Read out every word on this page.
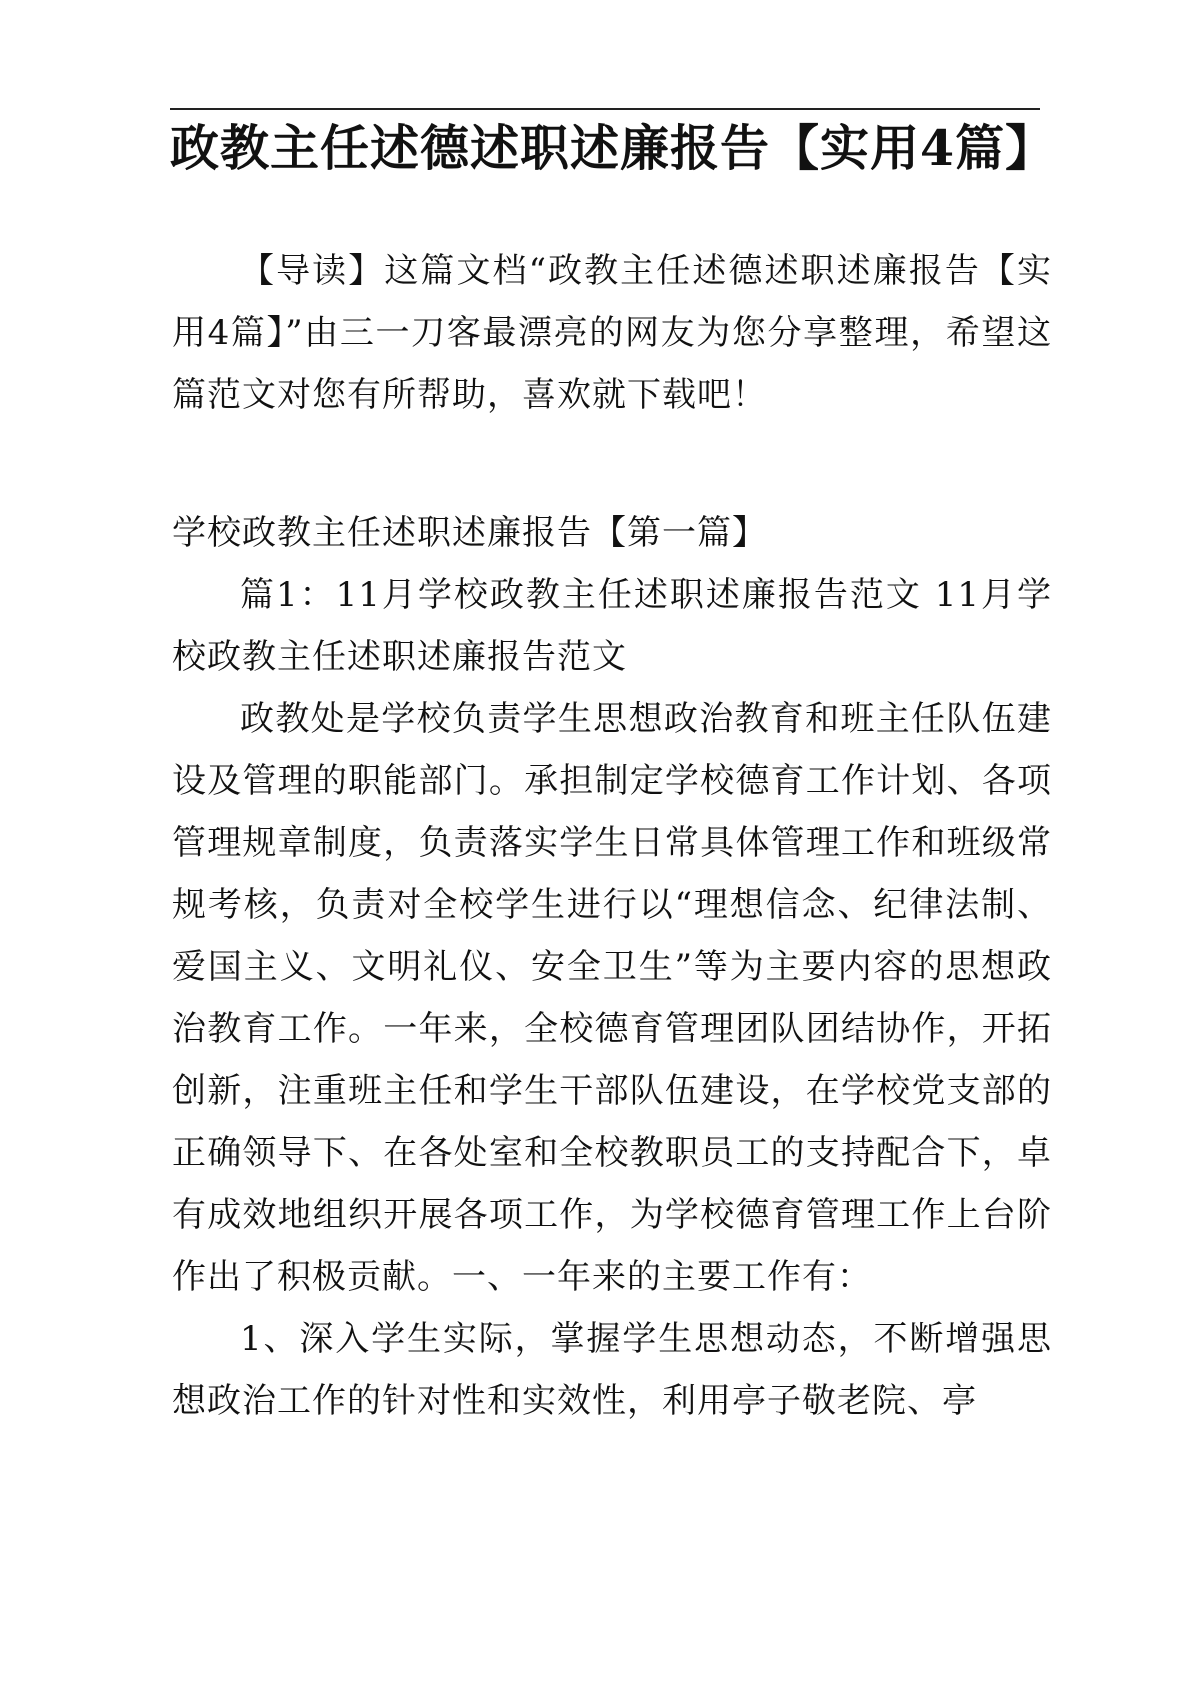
政教主任述德述职述廉报告【实用4篇】

【导读】这篇文档“政教主任述德述职述廉报告【实用4篇】”由三一刀客最漂亮的网友为您分享整理，希望这篇范文对您有所帮助，喜欢就下载吧！

学校政教主任述职述廉报告【第一篇】

篇1：11月学校政教主任述职述廉报告范文 11月学校政教主任述职述廉报告范文

政教处是学校负责学生思想政治教育和班主任队伍建设及管理的职能部门。承担制定学校德育工作计划、各项管理规章制度，负责落实学生日常具体管理工作和班级常规考核，负责对全校学生进行以“理想信念、纪律法制、爱国主义、文明礼仪、安全卫生”等为主要内容的思想政治教育工作。一年来，全校德育管理团队团结协作，开拓创新，注重班主任和学生干部队伍建设，在学校党支部的正确领导下、在各处室和全校教职员工的支持配合下，卓有成效地组织开展各项工作，为学校德育管理工作上台阶作出了积极贡献。一、一年来的主要工作有：

1、深入学生实际，掌握学生思想动态，不断增强思想政治工作的针对性和实效性，利用亭子敬老院、亭
